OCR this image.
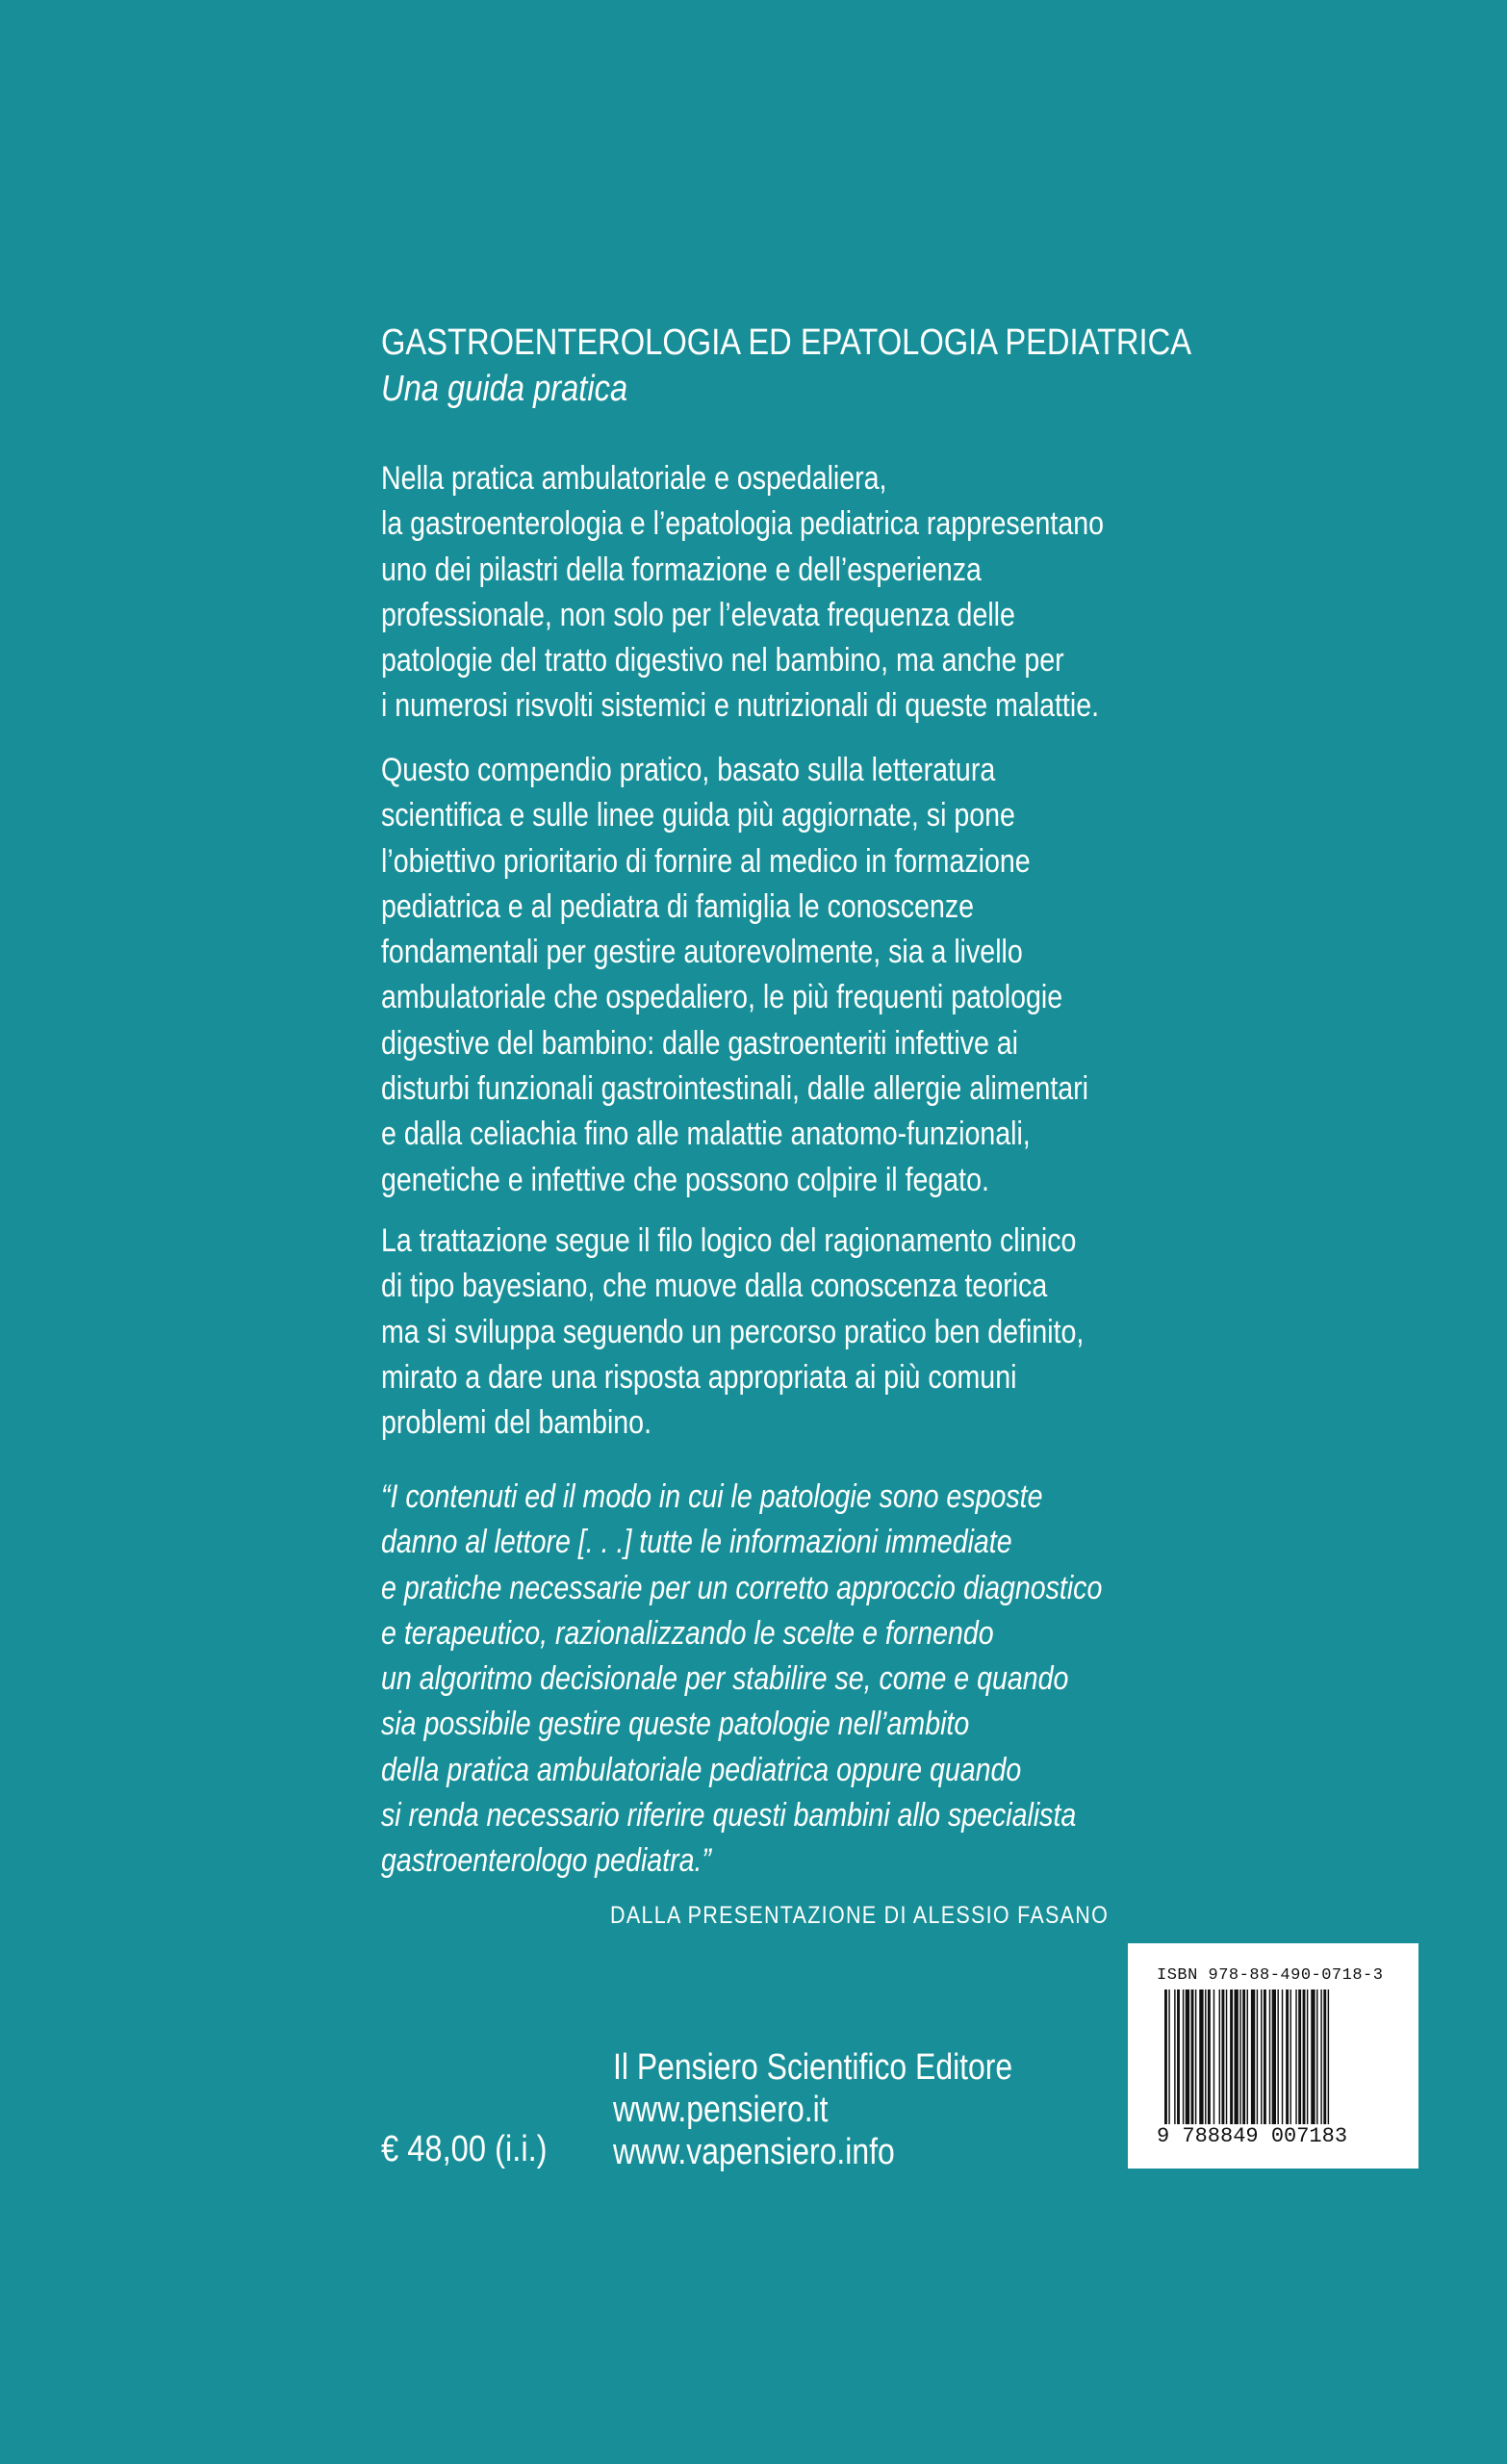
GASTROENTEROLOGIA ED EPATOLOGIA PEDIATRICA
Una guida pratica
Nella pratica ambulatoriale e ospedaliera,
la gastroenterologia e l’epatologia pediatrica rappresentano
uno dei pilastri della formazione e dell’esperienza
professionale, non solo per l’elevata frequenza delle
patologie del tratto digestivo nel bambino, ma anche per
i numerosi risvolti sistemici e nutrizionali di queste malattie.
Questo compendio pratico, basato sulla letteratura
scientifica e sulle linee guida più aggiornate, si pone
l’obiettivo prioritario di fornire al medico in formazione
pediatrica e al pediatra di famiglia le conoscenze
fondamentali per gestire autorevolmente, sia a livello
ambulatoriale che ospedaliero, le più frequenti patologie
digestive del bambino: dalle gastroenteriti infettive ai
disturbi funzionali gastrointestinali, dalle allergie alimentari
e dalla celiachia fino alle malattie anatomo-funzionali,
genetiche e infettive che possono colpire il fegato.
La trattazione segue il filo logico del ragionamento clinico
di tipo bayesiano, che muove dalla conoscenza teorica
ma si sviluppa seguendo un percorso pratico ben definito,
mirato a dare una risposta appropriata ai più comuni
problemi del bambino.
“I contenuti ed il modo in cui le patologie sono esposte
danno al lettore [. . .] tutte le informazioni immediate
e pratiche necessarie per un corretto approccio diagnostico
e terapeutico, razionalizzando le scelte e fornendo
un algoritmo decisionale per stabilire se, come e quando
sia possibile gestire queste patologie nell’ambito
della pratica ambulatoriale pediatrica oppure quando
si renda necessario riferire questi bambini allo specialista
gastroenterologo pediatra.”
DALLA PRESENTAZIONE DI ALESSIO FASANO
€ 48,00 (i.i.)
Il Pensiero Scientifico Editore
www.pensiero.it
www.vapensiero.info
ISBN 978-88-490-0718-3
9 788849 007183
